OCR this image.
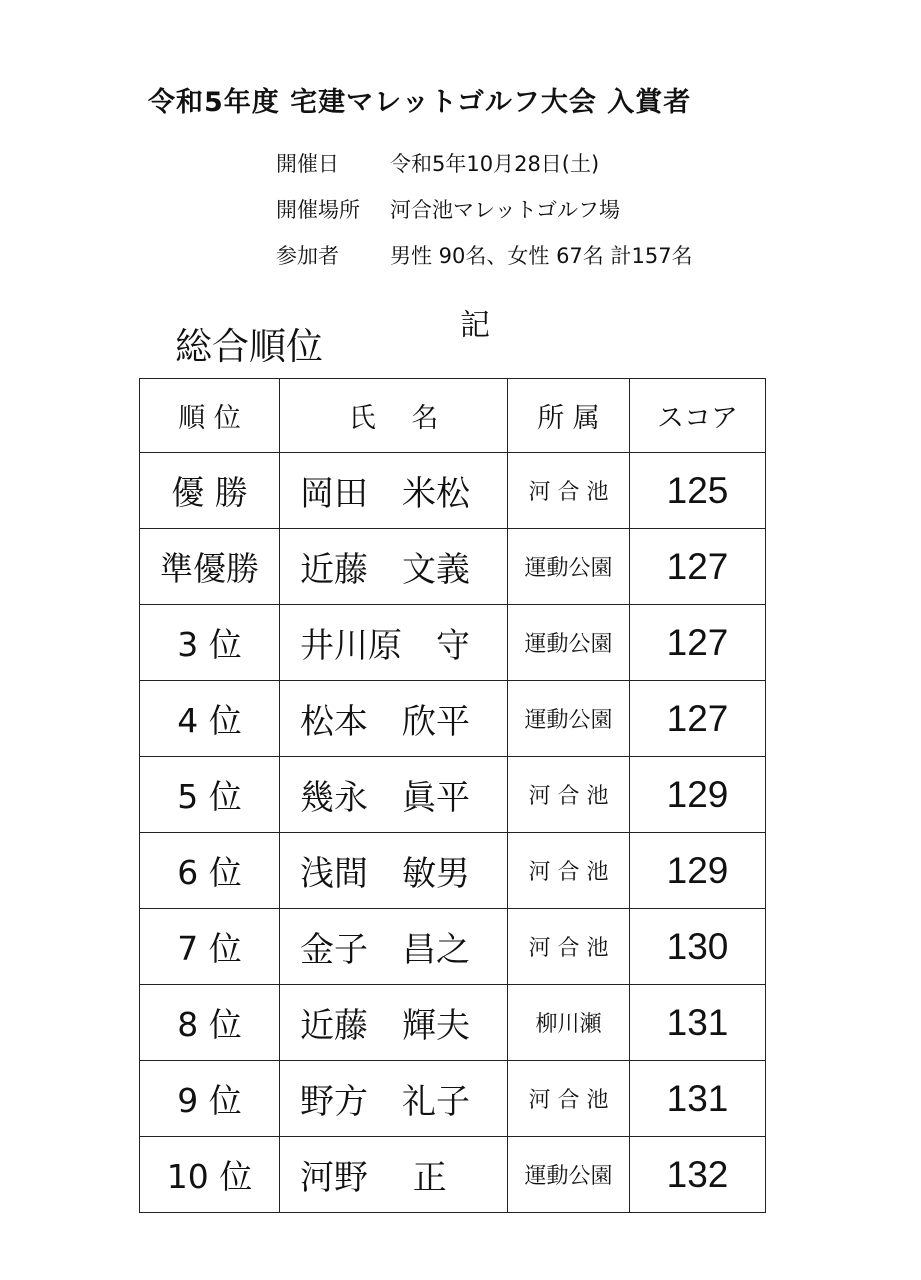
令和5年度 宅建マレットゴルフ大会 入賞者
開催日	令和5年10月28日(土)
開催場所	河合池マレットゴルフ場
参加者	男性 90名、女性 67名 計157名
記
総合順位
順 位	氏　 名	所 属	スコア
優 勝	岡田　米松	河 合 池	125
準優勝	近藤　文義	運動公園	127
3 位	井川原　守	運動公園	127
4 位	松本　欣平	運動公園	127
5 位	幾永　眞平	河 合 池	129
6 位	浅間　敏男	河 合 池	129
7 位	金子　昌之	河 合 池	130
8 位	近藤　輝夫	柳川瀬	131
9 位	野方　礼子	河 合 池	131
10 位	河野　 正	運動公園	132
